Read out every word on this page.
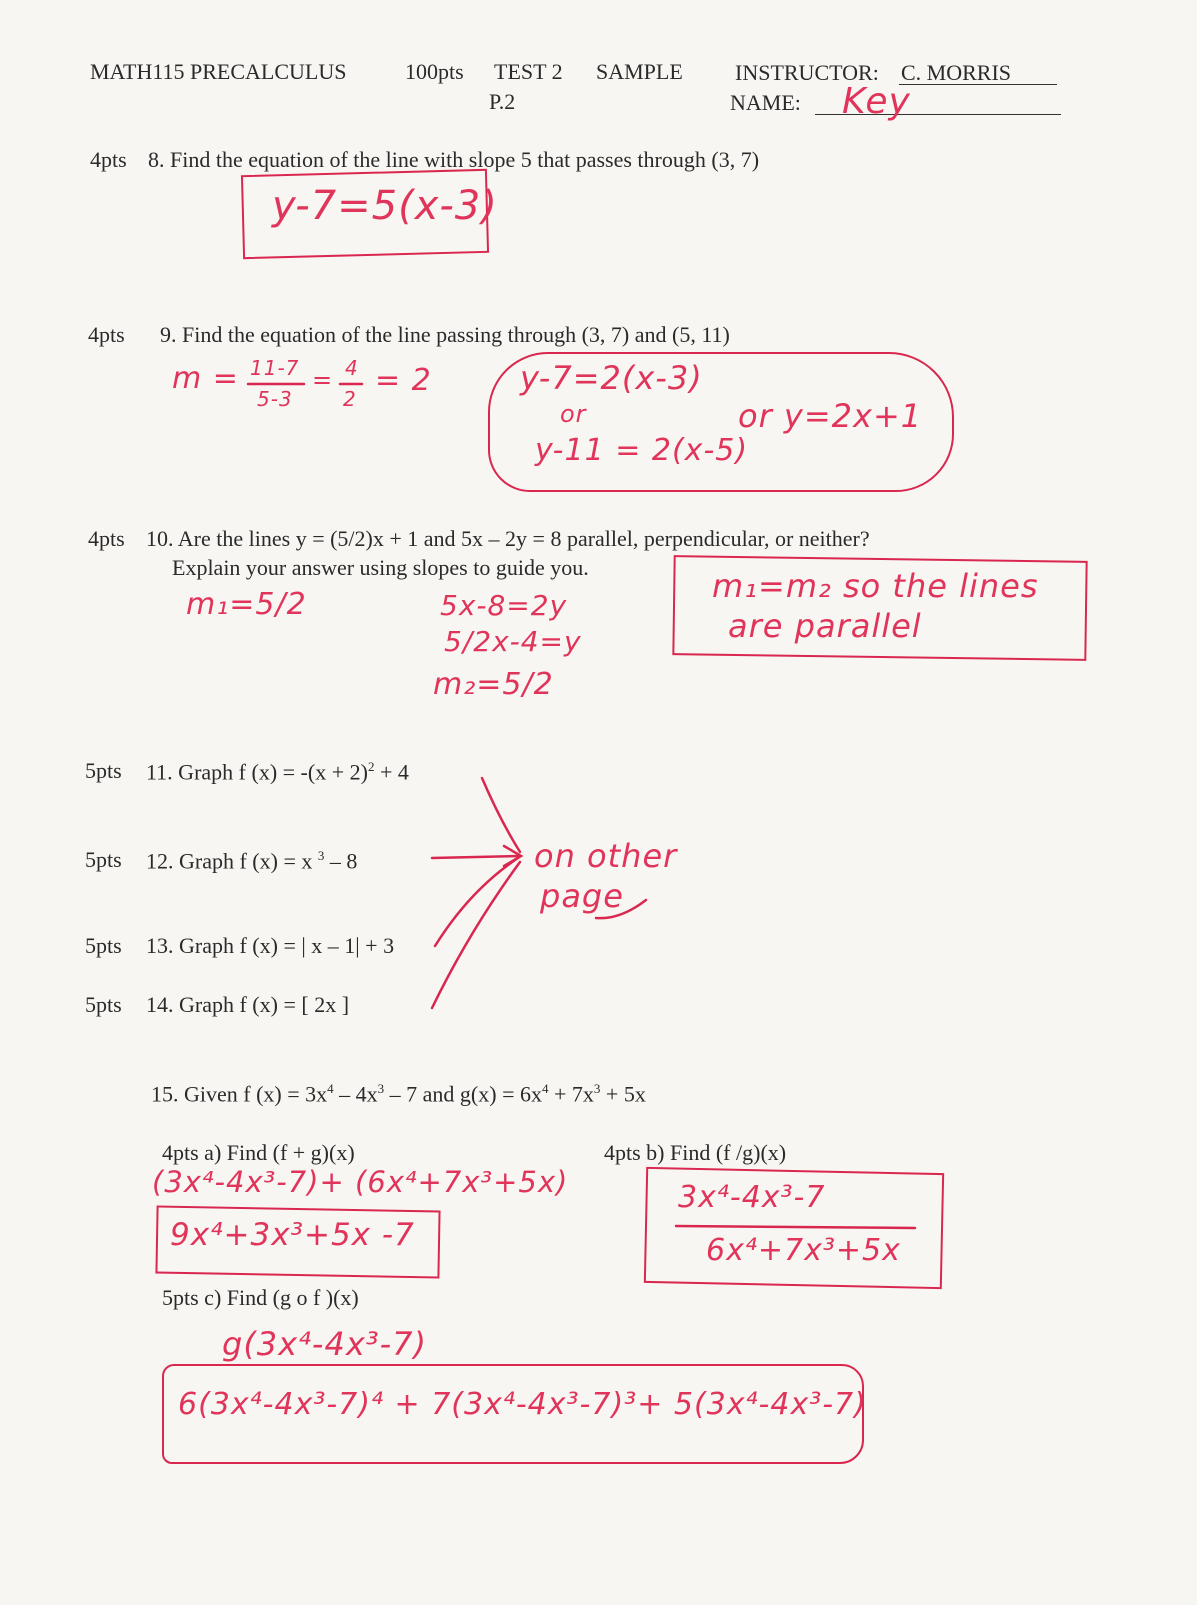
MATH115 PRECALCULUS	100pts TEST 2 SAMPLE
P.2
INSTRUCTOR: C. MORRIS
NAME: Key
4pts 8. Find the equation of the line with slope 5 that passes through (3, 7)
y-7=5(x-3)
4pts 9. Find the equation of the line passing through (3, 7) and (5, 11)
m = 11-7
5-3
= 4
2
= 2	y-7=2(x-3)
or
y-11 = 2(x-5)
or y=2x+1
4pts 10. Are the lines y = (5/2)x + 1 and 5x – 2y = 8 parallel, perpendicular, or neither?
Explain your answer using slopes to guide you.
m₁=5/2	5x-8=2y
5/2x-4=y
m₂=5/2
m₁=m₂ so the lines
are parallel
5pts 11. Graph f $(x) = -(x + 2)^2 + 4$
5pts 12. Graph f (x) = x $^3$ – 8
5pts 13. Graph f (x) = | x – 1| + 3
5pts 14. Graph f (x) = [ 2x ]
on other
page
15. Given f $(x) = 3x^4 - 4x^3 - 7$ and $g(x) = 6x^4 + 7x^3 + 5x$
4pts a) Find (f + g)(x)
(3x⁴-4x³-7)+ (6x⁴+7x³+5x)
9x⁴+3x³+5x -7
4pts b) Find (f /g)(x)
3x⁴-4x³-7
6x⁴+7x³+5x
5pts c) Find (g o f )(x)
g(3x⁴-4x³-7)
6(3x⁴-4x³-7)⁴ + 7(3x⁴-4x³-7)³+ 5(3x⁴-4x³-7)
